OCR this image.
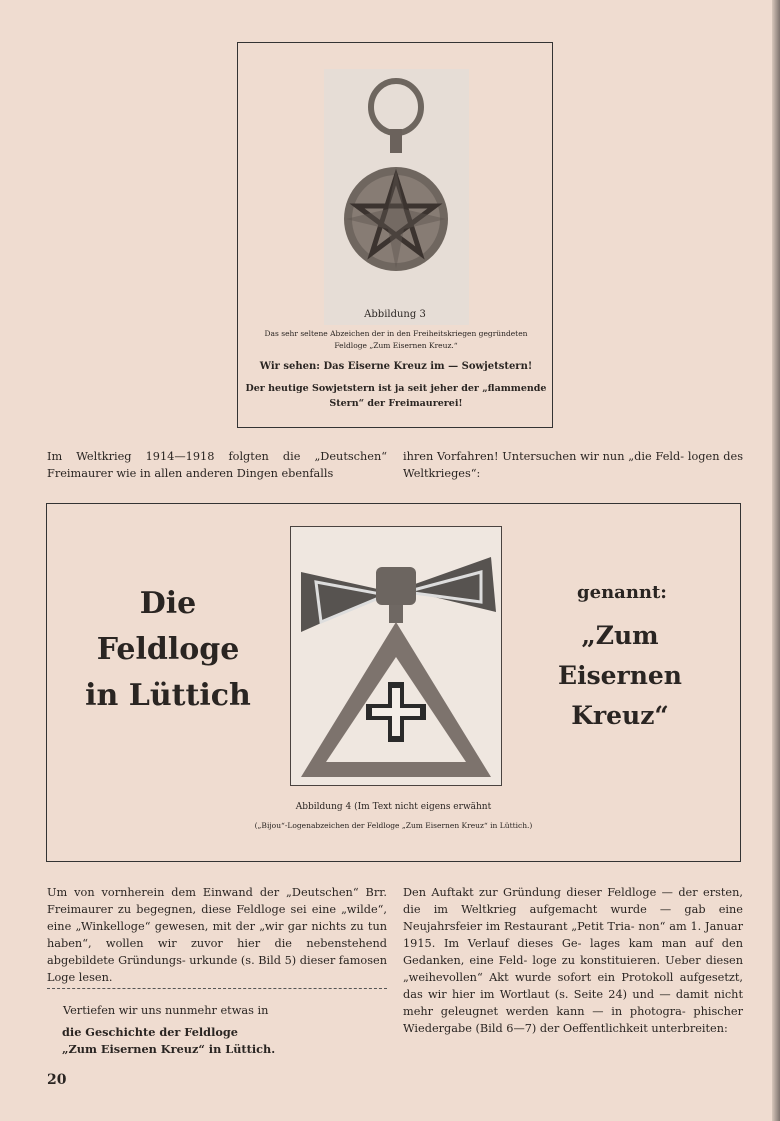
Abbildung 3
Das sehr seltene Abzeichen der in den Freiheitskriegen gegründeten Feldloge „Zum Eisernen Kreuz.“
Wir sehen: Das Eiserne Kreuz im — Sowjetstern!
Der heutige Sowjetstern ist ja seit jeher der „flammende Stern“ der Freimaurerei!
Im Weltkrieg 1914—1918 folgten die „Deutschen“ Freimaurer wie in allen anderen Dingen ebenfalls
ihren Vorfahren! Untersuchen wir nun „die Feld- logen des Weltkrieges“:
Die
Feldloge
in Lüttich
genannt:
„Zum
Eisernen Kreuz“
Abbildung 4 (Im Text nicht eigens erwähnt
(„Bijou“-Logenabzeichen der Feldloge „Zum Eisernen Kreuz“ in Lüttich.)
Um von vornherein dem Einwand der „Deutschen“ Brr. Freimaurer zu begegnen, diese Feldloge sei eine „wilde“, eine „Winkelloge“ gewesen, mit der „wir gar nichts zu tun haben“, wollen wir zuvor hier die nebenstehend abgebildete Gründungs- urkunde (s. Bild 5) dieser famosen Loge lesen.
Vertiefen wir uns nunmehr etwas in
die Geschichte der Feldloge
„Zum Eisernen Kreuz“ in Lüttich.
Den Auftakt zur Gründung dieser Feldloge — der ersten, die im Weltkrieg aufgemacht wurde — gab eine Neujahrsfeier im Restaurant „Petit Tria- non“ am 1. Januar 1915. Im Verlauf dieses Ge- lages kam man auf den Gedanken, eine Feld- loge zu konstituieren. Ueber diesen „weihevollen“ Akt wurde sofort ein Protokoll aufgesetzt, das wir hier im Wortlaut (s. Seite 24) und — damit nicht mehr geleugnet werden kann — in photogra- phischer Wiedergabe (Bild 6—7) der Oeffentlichkeit unterbreiten:
20
